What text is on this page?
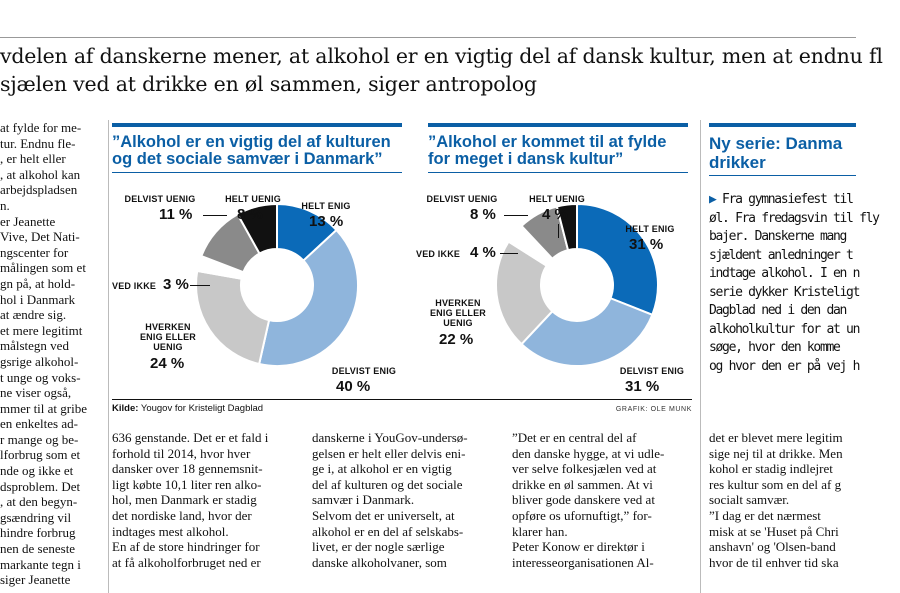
vdelen af danskerne mener, at alkohol er en vigtig del af dansk kultur, men at endnu fl
sjælen ved at drikke en øl sammen, siger antropolog

at fylde for me-

tur. Endnu fle-

, er helt eller

, at alkohol kan

arbejdspladsen

n.

er Jeanette

Vive, Det Nati-

ngscenter for

målingen som et

gn på, at hold-

hol i Danmark

at ændre sig.

et mere legitimt

målstegn ved

gsrige alkohol-

t unge og voks-

ne viser også,

mmer til at gribe

en enkeltes ad-

r mange og be-

lforbrug som et

nde og ikke et

dsproblem. Det

, at den begyn-

gsændring vil

hindre forbrug

nen de seneste

markante tegn i

siger Jeanette

”Alkohol er en vigtig del af kulturen
og det sociale samvær i Danmark”
”Alkohol er kommet til at fylde
for meget i dansk kultur”
DELVIST UENIG
11 %
HELT UENIG
8 %	HELT ENIG
13 %
VED IKKE 3 %
HVERKEN
ENIG ELLER
UENIG
24 %	DELVIST ENIG
40 %
DELVIST UENIG
8 %
HELT UENIG
4 %
HELT ENIG
31 %
VED IKKE 4 %
HVERKEN
ENIG ELLER
UENIG
22 %
DELVIST ENIG
31 %
Kilde: Yougov for Kristeligt Dagblad	GRAFIK: OLE MUNK

636 genstande. Det er et fald i

forhold til 2014, hvor hver

dansker over 18 gennemsnit-

ligt købte 10,1 liter ren alko-

hol, men Danmark er stadig

det nordiske land, hvor der

indtages mest alkohol.

En af de store hindringer for

at få alkoholforbruget ned er

danskerne i YouGov-undersø-

gelsen er helt eller delvis eni-

ge i, at alkohol er en vigtig

del af kulturen og det sociale

samvær i Danmark.

Selvom det er universelt, at

alkohol er en del af selskabs-

livet, er der nogle særlige

danske alkoholvaner, som

”Det er en central del af

den danske hygge, at vi udle-

ver selve folkesjælen ved at

drikke en øl sammen. At vi

bliver gode danskere ved at

opføre os ufornuftigt,” for-

klarer han.

Peter Konow er direktør i

interesseorganisationen Al-

det er blevet mere legitim

sige nej til at drikke. Men

kohol er stadig indlejret

res kultur som en del af g

socialt samvær.

”I dag er det nærmest

misk at se 'Huset på Chri

anshavn' og 'Olsen-band

hvor de til enhver tid ska

Ny serie: Danma
drikker

▶ Fra gymnasiefest til

øl. Fra fredagsvin til fly

bajer. Danskerne mang

sjældent anledninger t

indtage alkohol. I en n

serie dykker Kristeligt

Dagblad ned i den dan

alkoholkultur for at un

søge, hvor den komme

og hvor den er på vej h
